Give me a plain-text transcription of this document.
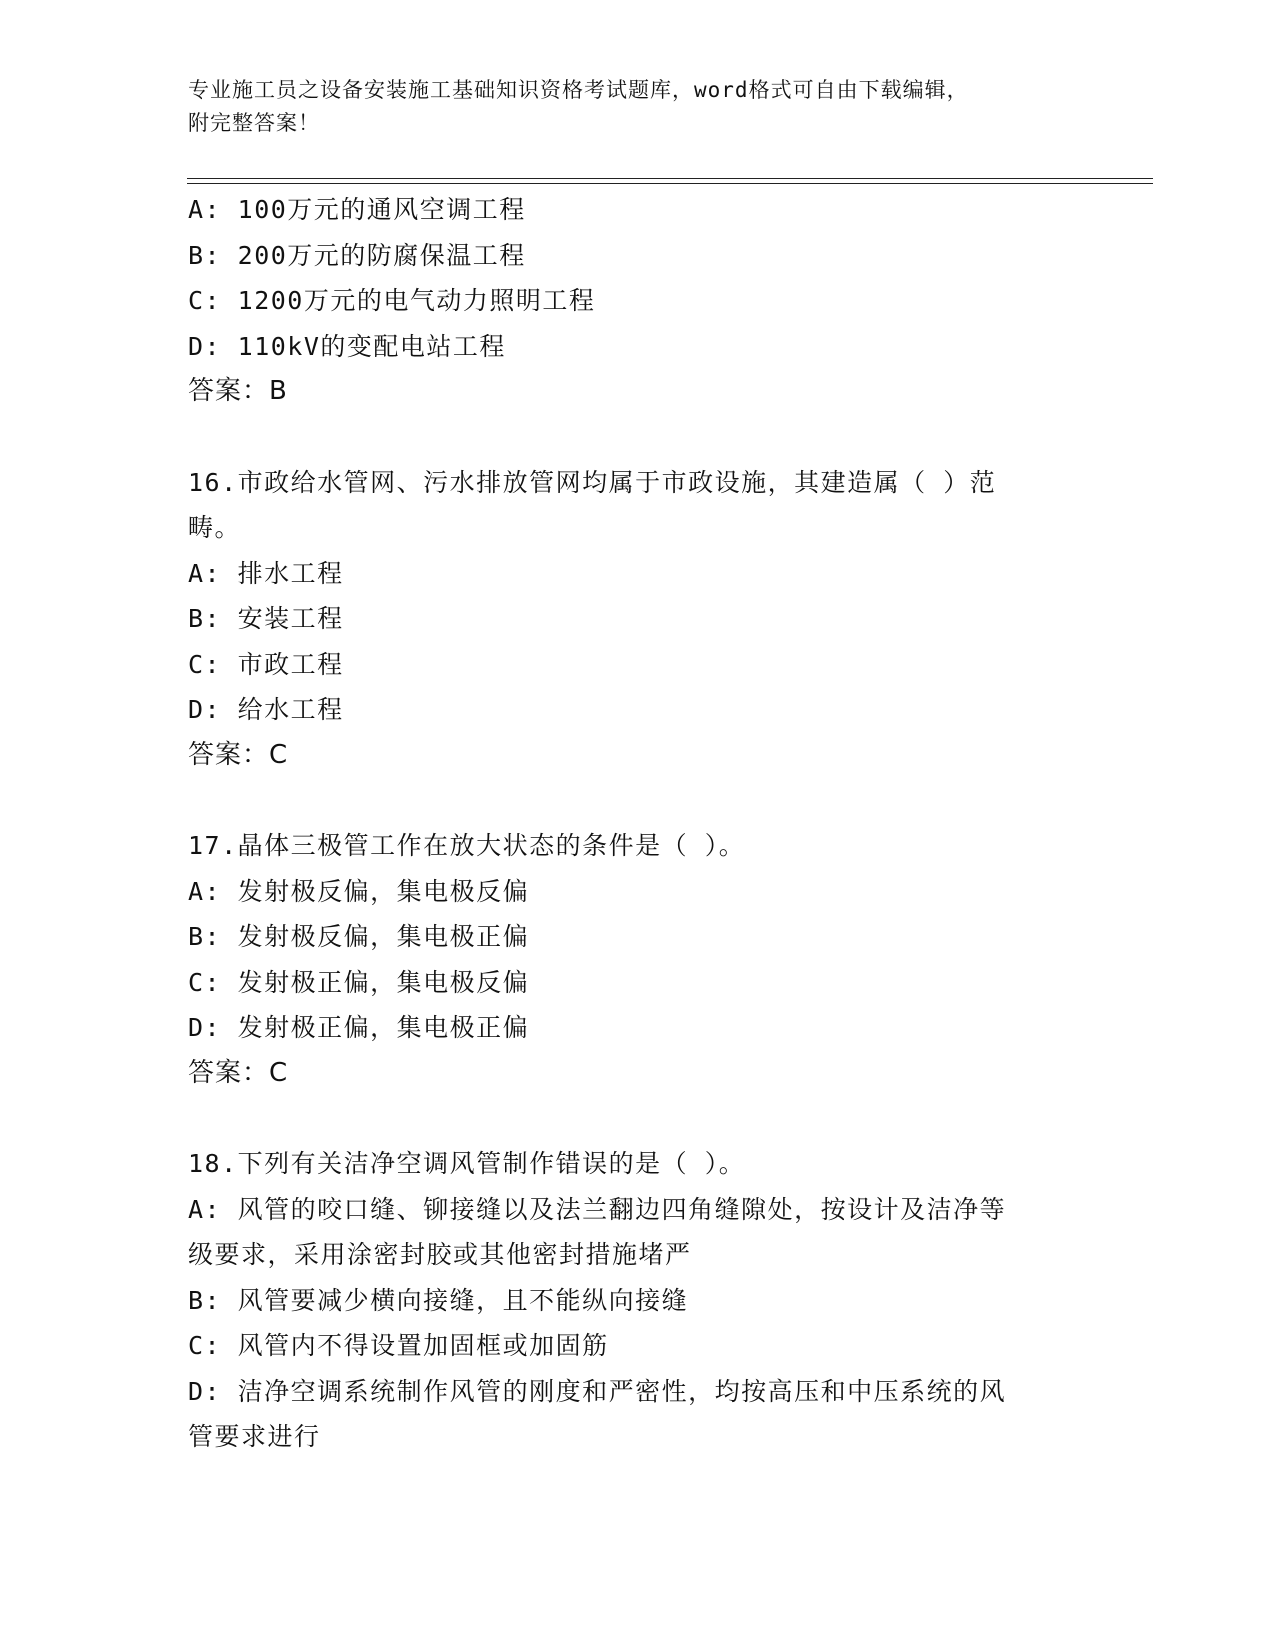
专业施工员之设备安装施工基础知识资格考试题库，word格式可自由下载编辑，
附完整答案！
A: 100万元的通风空调工程
B: 200万元的防腐保温工程
C: 1200万元的电气动力照明工程
D: 110kV的变配电站工程
答案：B
16.市政给水管网、污水排放管网均属于市政设施，其建造属（ ）范
畴。
A: 排水工程
B: 安装工程
C: 市政工程
D: 给水工程
答案：C
17.晶体三极管工作在放大状态的条件是（ ）。
A: 发射极反偏，集电极反偏
B: 发射极反偏，集电极正偏
C: 发射极正偏，集电极反偏
D: 发射极正偏，集电极正偏
答案：C
18.下列有关洁净空调风管制作错误的是（ ）。
A: 风管的咬口缝、铆接缝以及法兰翻边四角缝隙处，按设计及洁净等
级要求，采用涂密封胶或其他密封措施堵严
B: 风管要减少横向接缝，且不能纵向接缝
C: 风管内不得设置加固框或加固筋
D: 洁净空调系统制作风管的刚度和严密性，均按高压和中压系统的风
管要求进行
